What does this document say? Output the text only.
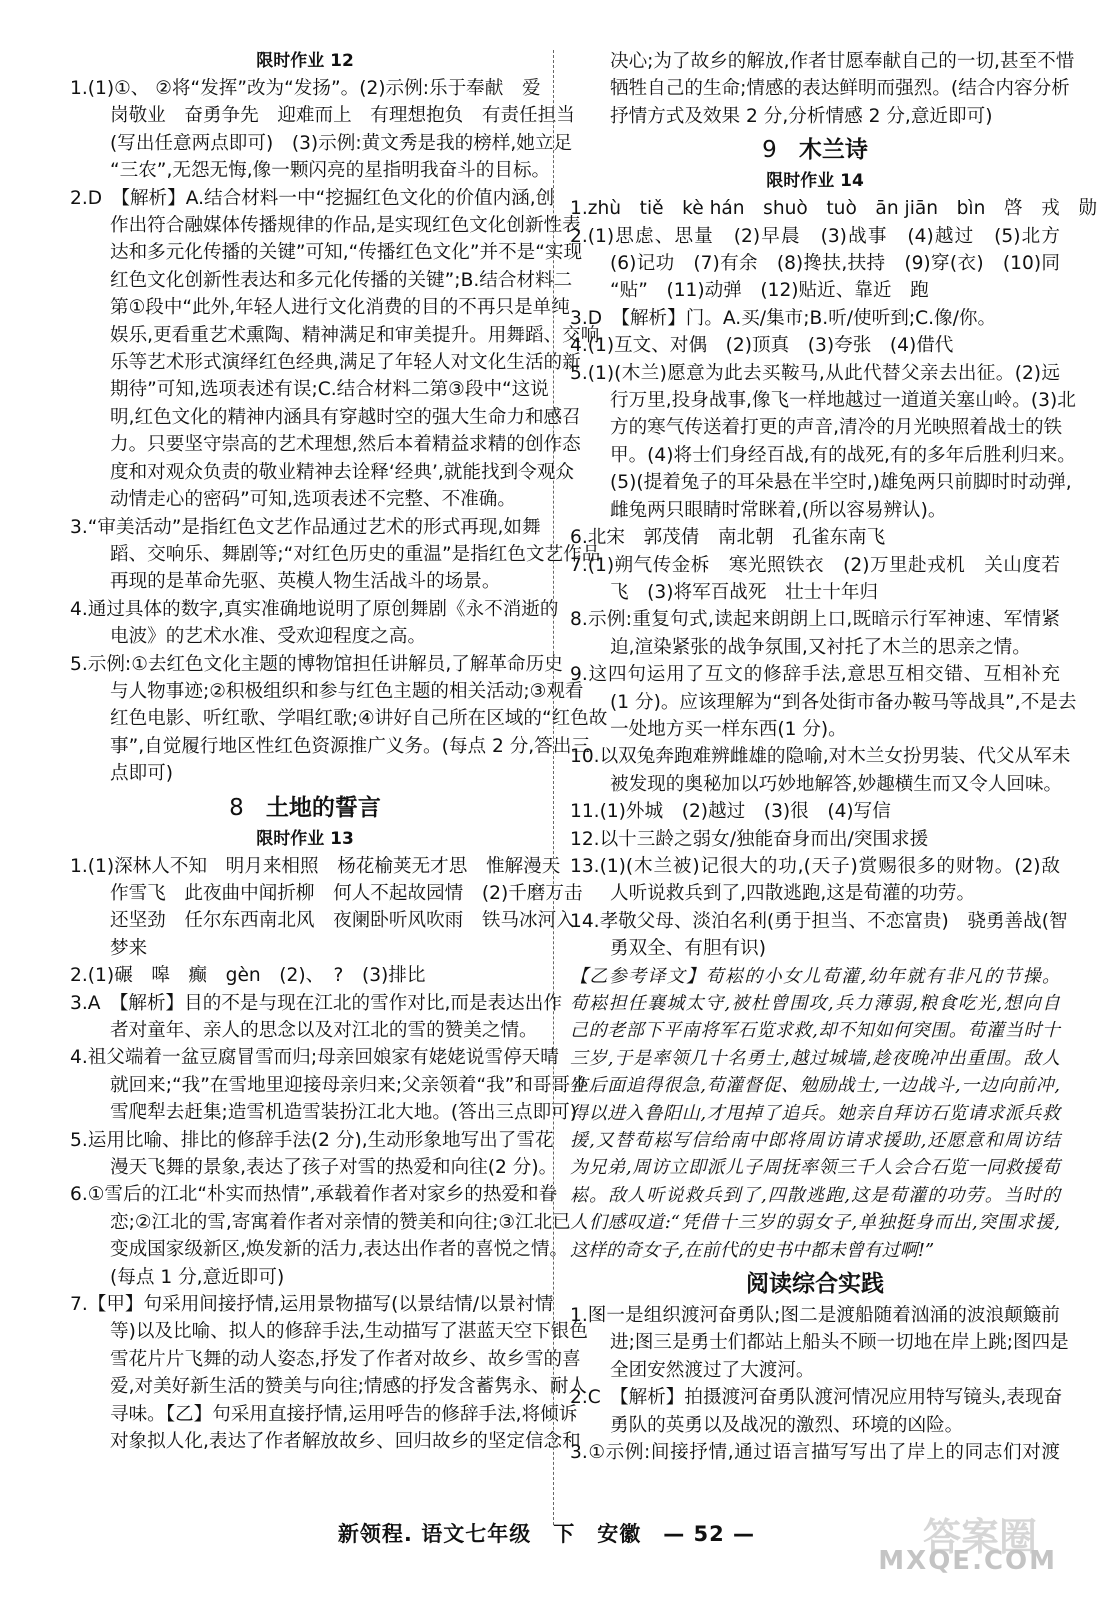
限时作业 12
1.(1)①、 ②将“发挥”改为“发扬”。(2)示例:乐于奉献　爱
岗敬业　奋勇争先　迎难而上　有理想抱负　有责任担当
(写出任意两点即可)　(3)示例:黄文秀是我的榜样,她立足
“三农”,无怨无悔,像一颗闪亮的星指明我奋斗的目标。
2.D　【解析】A.结合材料一中“挖掘红色文化的价值内涵,创
作出符合融媒体传播规律的作品,是实现红色文化创新性表
达和多元化传播的关键”可知,“传播红色文化”并不是“实现
红色文化创新性表达和多元化传播的关键”;B.结合材料二
第①段中“此外,年轻人进行文化消费的目的不再只是单纯
娱乐,更看重艺术熏陶、精神满足和审美提升。用舞蹈、交响
乐等艺术形式演绎红色经典,满足了年轻人对文化生活的新
期待”可知,选项表述有误;C.结合材料二第③段中“这说
明,红色文化的精神内涵具有穿越时空的强大生命力和感召
力。只要坚守崇高的艺术理想,然后本着精益求精的创作态
度和对观众负责的敬业精神去诠释‘经典’,就能找到令观众
动情走心的密码”可知,选项表述不完整、不准确。
3.“审美活动”是指红色文艺作品通过艺术的形式再现,如舞
蹈、交响乐、舞剧等;“对红色历史的重温”是指红色文艺作品
再现的是革命先驱、英模人物生活战斗的场景。
4.通过具体的数字,真实准确地说明了原创舞剧《永不消逝的
电波》的艺术水准、受欢迎程度之高。
5.示例:①去红色文化主题的博物馆担任讲解员,了解革命历史
与人物事迹;②积极组织和参与红色主题的相关活动;③观看
红色电影、听红歌、学唱红歌;④讲好自己所在区域的“红色故
事”,自觉履行地区性红色资源推广义务。(每点 2 分,答出三
点即可)
8 土地的誓言
限时作业 13
1.(1)深林人不知　明月来相照　杨花榆荚无才思　惟解漫天
作雪飞　此夜曲中闻折柳　何人不起故园情　(2)千磨万击
还坚劲　任尔东西南北风　夜阑卧听风吹雨　铁马冰河入
梦来
2.(1)碾　嗥　癫　gèn　(2)、　?　(3)排比
3.A　【解析】目的不是与现在江北的雪作对比,而是表达出作
者对童年、亲人的思念以及对江北的雪的赞美之情。
4.祖父端着一盆豆腐冒雪而归;母亲回娘家有姥姥说雪停天晴
就回来;“我”在雪地里迎接母亲归来;父亲领着“我”和哥哥坐
雪爬犁去赶集;造雪机造雪装扮江北大地。(答出三点即可)
5.运用比喻、排比的修辞手法(2 分),生动形象地写出了雪花
漫天飞舞的景象,表达了孩子对雪的热爱和向往(2 分)。
6.①雪后的江北“朴实而热情”,承载着作者对家乡的热爱和眷
恋;②江北的雪,寄寓着作者对亲情的赞美和向往;③江北已
变成国家级新区,焕发新的活力,表达出作者的喜悦之情。
(每点 1 分,意近即可)
7.【甲】句采用间接抒情,运用景物描写(以景结情/以景衬情
等)以及比喻、拟人的修辞手法,生动描写了湛蓝天空下银色
雪花片片飞舞的动人姿态,抒发了作者对故乡、故乡雪的喜
爱,对美好新生活的赞美与向往;情感的抒发含蓄隽永、耐人
寻味。【乙】句采用直接抒情,运用呼告的修辞手法,将倾诉
对象拟人化,表达了作者解放故乡、回归故乡的坚定信念和
决心;为了故乡的解放,作者甘愿奉献自己的一切,甚至不惜
牺牲自己的生命;情感的表达鲜明而强烈。(结合内容分析
抒情方式及效果 2 分,分析情感 2 分,意近即可)
9 木兰诗
限时作业 14
1.zhù　tiě　kè hán　shuò　tuò　ān jiān　bìn　啓　戎　勋
2.(1)思虑、思量　(2)早晨　(3)战事　(4)越过　(5)北方
(6)记功　(7)有余　(8)搀扶,扶持　(9)穿(衣)　(10)同
“贴”　(11)动弹　(12)贴近、靠近　跑
3.D　【解析】门。A.买/集市;B.听/使听到;C.像/你。
4.(1)互文、对偶　(2)顶真　(3)夸张　(4)借代
5.(1)(木兰)愿意为此去买鞍马,从此代替父亲去出征。(2)远
行万里,投身战事,像飞一样地越过一道道关塞山岭。(3)北
方的寒气传送着打更的声音,清冷的月光映照着战士的铁
甲。(4)将士们身经百战,有的战死,有的多年后胜利归来。
(5)(提着兔子的耳朵悬在半空时,)雄兔两只前脚时时动弹,
雌兔两只眼睛时常眯着,(所以容易辨认)。
6.北宋　郭茂倩　南北朝　孔雀东南飞
7.(1)朔气传金柝　寒光照铁衣　(2)万里赴戎机　关山度若
飞　(3)将军百战死　壮士十年归
8.示例:重复句式,读起来朗朗上口,既暗示行军神速、军情紧
迫,渲染紧张的战争氛围,又衬托了木兰的思亲之情。
9.这四句运用了互文的修辞手法,意思互相交错、互相补充
(1 分)。应该理解为“到各处街市备办鞍马等战具”,不是去
一处地方买一样东西(1 分)。
10.以双兔奔跑难辨雌雄的隐喻,对木兰女扮男装、代父从军未
被发现的奥秘加以巧妙地解答,妙趣横生而又令人回味。
11.(1)外城　(2)越过　(3)很　(4)写信
12.以十三龄之弱女/独能奋身而出/突围求援
13.(1)(木兰被)记很大的功,(天子)赏赐很多的财物。(2)敌
人听说救兵到了,四散逃跑,这是荀灌的功劳。
14.孝敬父母、淡泊名利(勇于担当、不恋富贵)　骁勇善战(智
勇双全、有胆有识)
【乙参考译文】荀崧的小女儿荀灌,幼年就有非凡的节操。
荀崧担任襄城太守,被杜曾围攻,兵力薄弱,粮食吃光,想向自
己的老部下平南将军石览求救,却不知如何突围。荀灌当时十
三岁,于是率领几十名勇士,越过城墙,趁夜晚冲出重围。敌人
在后面追得很急,荀灌督促、勉励战士,一边战斗,一边向前冲,
得以进入鲁阳山,才甩掉了追兵。她亲自拜访石览请求派兵救
援,又替荀崧写信给南中郎将周访请求援助,还愿意和周访结
为兄弟,周访立即派儿子周抚率领三千人会合石览一同救援荀
崧。敌人听说救兵到了,四散逃跑,这是荀灌的功劳。当时的
人们感叹道:“凭借十三岁的弱女子,单独挺身而出,突围求援,
这样的奇女子,在前代的史书中都未曾有过啊!”
阅读综合实践
1.图一是组织渡河奋勇队;图二是渡船随着汹涌的波浪颠簸前
进;图三是勇士们都站上船头不顾一切地在岸上跳;图四是
全团安然渡过了大渡河。
2.C　【解析】拍摄渡河奋勇队渡河情况应用特写镜头,表现奋
勇队的英勇以及战况的激烈、环境的凶险。
3.①示例:间接抒情,通过语言描写写出了岸上的同志们对渡
新领程. 语文七年级　下　安徽　— 52 —	答案圈
MXQE.COM
